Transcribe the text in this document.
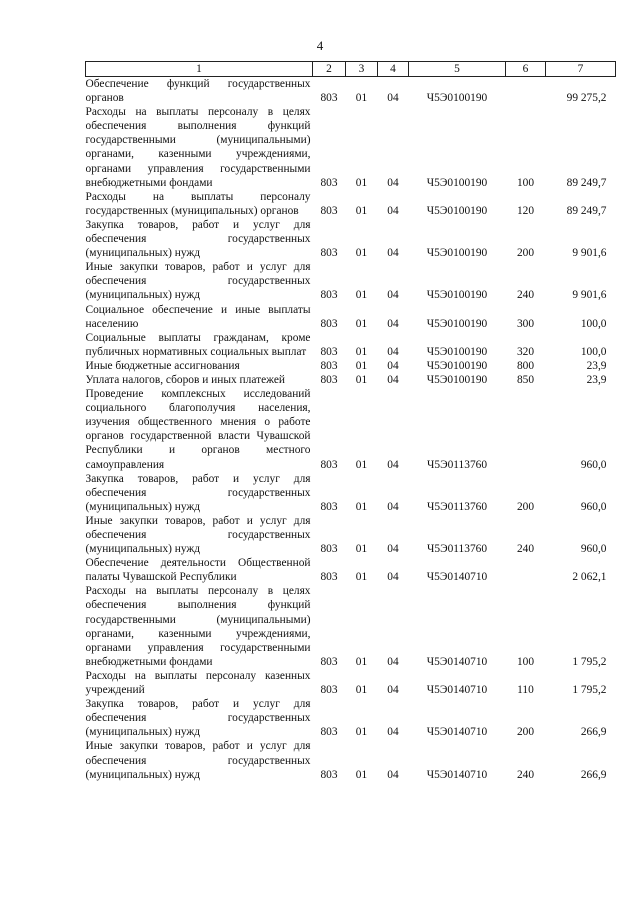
4
1	2	3	4	5	6	7
Обеспечение функций государственных органов	803	01	04	Ч5Э0100190		99 275,2
Расходы на выплаты персоналу в целях обеспечения выполнения функций государственными (муниципальными) органами, казенными учреждениями, органами управления государственными внебюджетными фондами	803	01	04	Ч5Э0100190	100	89 249,7
Расходы на выплаты персоналу государственных (муниципальных) органов	803	01	04	Ч5Э0100190	120	89 249,7
Закупка товаров, работ и услуг для обеспечения государственных (муниципальных) нужд	803	01	04	Ч5Э0100190	200	9 901,6
Иные закупки товаров, работ и услуг для обеспечения государственных (муниципальных) нужд	803	01	04	Ч5Э0100190	240	9 901,6
Социальное обеспечение и иные выплаты населению	803	01	04	Ч5Э0100190	300	100,0
Социальные выплаты гражданам, кроме публичных нормативных социальных выплат	803	01	04	Ч5Э0100190	320	100,0
Иные бюджетные ассигнования	803	01	04	Ч5Э0100190	800	23,9
Уплата налогов, сборов и иных платежей	803	01	04	Ч5Э0100190	850	23,9
Проведение комплексных исследований социального благополучия населения, изучения общественного мнения о работе органов государственной власти Чувашской Республики и органов местного самоуправления	803	01	04	Ч5Э0113760		960,0
Закупка товаров, работ и услуг для обеспечения государственных (муниципальных) нужд	803	01	04	Ч5Э0113760	200	960,0
Иные закупки товаров, работ и услуг для обеспечения государственных (муниципальных) нужд	803	01	04	Ч5Э0113760	240	960,0
Обеспечение деятельности Общественной палаты Чувашской Республики	803	01	04	Ч5Э0140710		2 062,1
Расходы на выплаты персоналу в целях обеспечения выполнения функций государственными (муниципальными) органами, казенными учреждениями, органами управления государственными внебюджетными фондами	803	01	04	Ч5Э0140710	100	1 795,2
Расходы на выплаты персоналу казенных учреждений	803	01	04	Ч5Э0140710	110	1 795,2
Закупка товаров, работ и услуг для обеспечения государственных (муниципальных) нужд	803	01	04	Ч5Э0140710	200	266,9
Иные закупки товаров, работ и услуг для обеспечения государственных (муниципальных) нужд	803	01	04	Ч5Э0140710	240	266,9
